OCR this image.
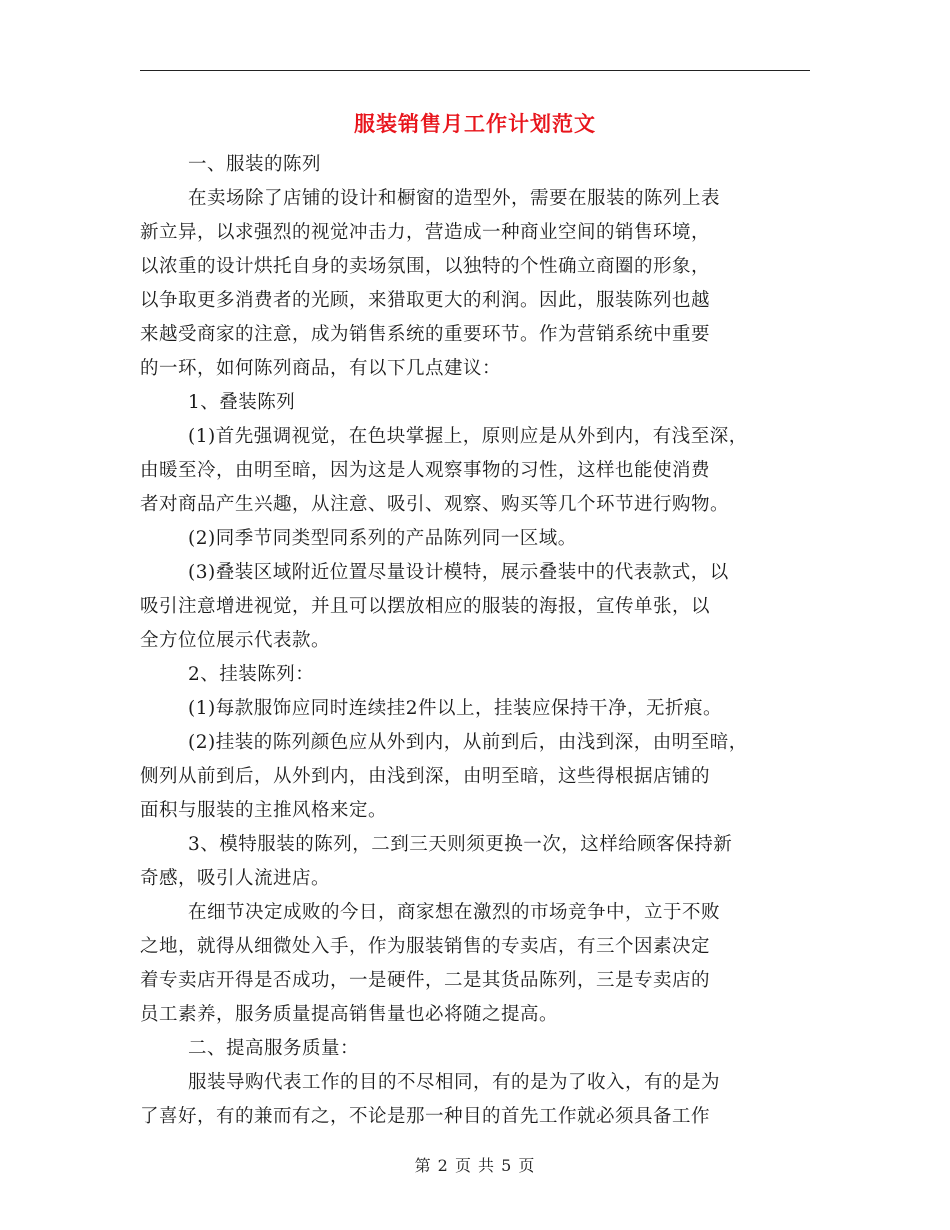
服装销售月工作计划范文
一、服装的陈列
在卖场除了店铺的设计和橱窗的造型外，需要在服装的陈列上表
新立异，以求强烈的视觉冲击力，营造成一种商业空间的销售环境，
以浓重的设计烘托自身的卖场氛围，以独特的个性确立商圈的形象，
以争取更多消费者的光顾，来猎取更大的利润。因此，服装陈列也越
来越受商家的注意，成为销售系统的重要环节。作为营销系统中重要
的一环，如何陈列商品，有以下几点建议：
1、叠装陈列
(1)首先强调视觉，在色块掌握上，原则应是从外到内，有浅至深，
由暖至冷，由明至暗，因为这是人观察事物的习性，这样也能使消费
者对商品产生兴趣，从注意、吸引、观察、购买等几个环节进行购物。
(2)同季节同类型同系列的产品陈列同一区域。
(3)叠装区域附近位置尽量设计模特，展示叠装中的代表款式，以
吸引注意增进视觉，并且可以摆放相应的服装的海报，宣传单张，以
全方位位展示代表款。
2、挂装陈列：
(1)每款服饰应同时连续挂2件以上，挂装应保持干净，无折痕。
(2)挂装的陈列颜色应从外到内，从前到后，由浅到深，由明至暗，
侧列从前到后，从外到内，由浅到深，由明至暗，这些得根据店铺的
面积与服装的主推风格来定。
3、模特服装的陈列，二到三天则须更换一次，这样给顾客保持新
奇感，吸引人流进店。
在细节决定成败的今日，商家想在激烈的市场竞争中，立于不败
之地，就得从细微处入手，作为服装销售的专卖店，有三个因素决定
着专卖店开得是否成功，一是硬件，二是其货品陈列，三是专卖店的
员工素养，服务质量提高销售量也必将随之提高。
二、提高服务质量：
服装导购代表工作的目的不尽相同，有的是为了收入，有的是为
了喜好，有的兼而有之，不论是那一种目的首先工作就必须具备工作
第 2 页 共 5 页
